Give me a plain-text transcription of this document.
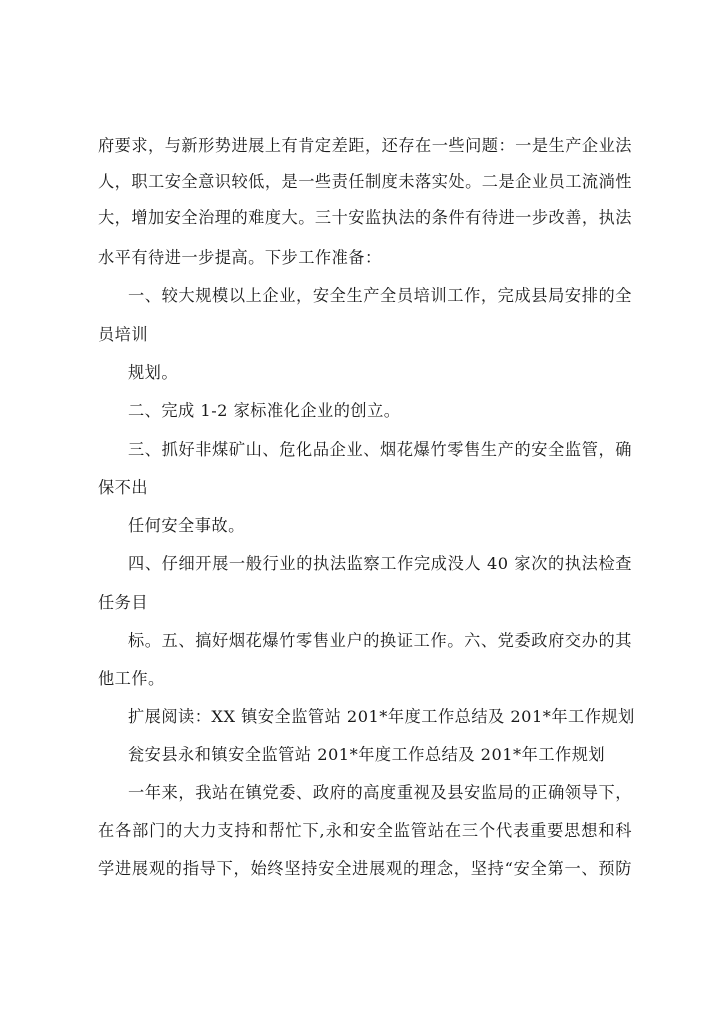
府要求，与新形势进展上有肯定差距，还存在一些问题：一是生产企业法
人，职工安全意识较低，是一些责任制度未落实处。二是企业员工流淌性
大，增加安全治理的难度大。三十安监执法的条件有待进一步改善，执法
水平有待进一步提高。下步工作准备：
一、较大规模以上企业，安全生产全员培训工作，完成县局安排的全
员培训
规划。
二、完成 1-2 家标准化企业的创立。
三、抓好非煤矿山、危化品企业、烟花爆竹零售生产的安全监管，确
保不出
任何安全事故。
四、仔细开展一般行业的执法监察工作完成没人 40 家次的执法检查
任务目
标。五、搞好烟花爆竹零售业户的换证工作。六、党委政府交办的其
他工作。
扩展阅读：XX 镇安全监管站 201*年度工作总结及 201*年工作规划
瓮安县永和镇安全监管站 201*年度工作总结及 201*年工作规划
一年来，我站在镇党委、政府的高度重视及县安监局的正确领导下，
在各部门的大力支持和帮忙下,永和安全监管站在三个代表重要思想和科
学进展观的指导下，始终坚持安全进展观的理念，坚持“安全第一、预防
